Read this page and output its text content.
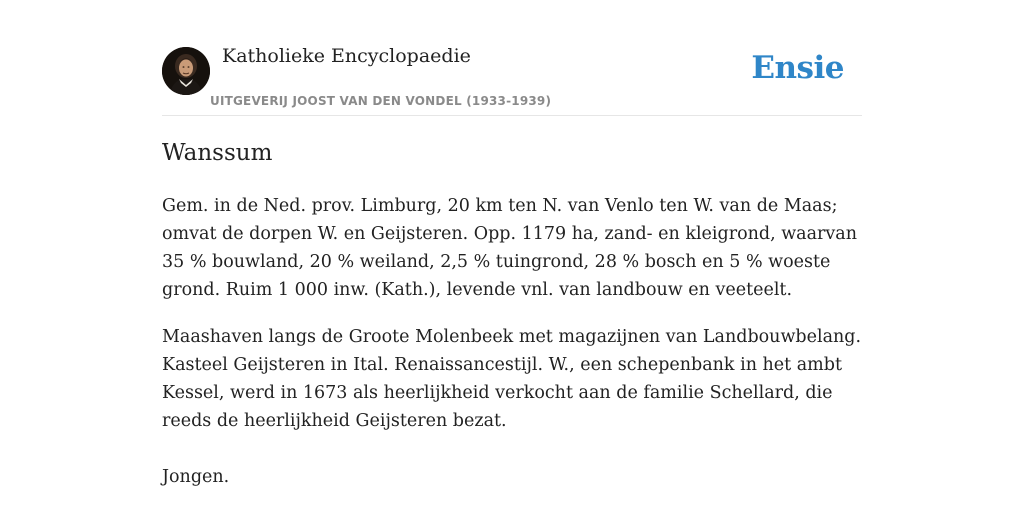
Katholieke Encyclopaedie
UITGEVERIJ JOOST VAN DEN VONDEL (1933-1939)
Ensie
Wanssum

Gem. in de Ned. prov. Limburg, 20 km ten N. van Venlo ten W. van de Maas; omvat de dorpen W. en Geijsteren. Opp. 1179 ha, zand- en kleigrond, waarvan 35 % bouwland, 20 % weiland, 2,5 % tuingrond, 28 % bosch en 5 % woeste grond. Ruim 1 000 inw. (Kath.), levende vnl. van landbouw en veeteelt.

Maashaven langs de Groote Molenbeek met magazijnen van Landbouwbelang. Kasteel Geijsteren in Ital. Renaissancestijl. W., een schepenbank in het ambt Kessel, werd in 1673 als heerlijkheid verkocht aan de familie Schellard, die reeds de heerlijkheid Geijsteren bezat.

Jongen.
